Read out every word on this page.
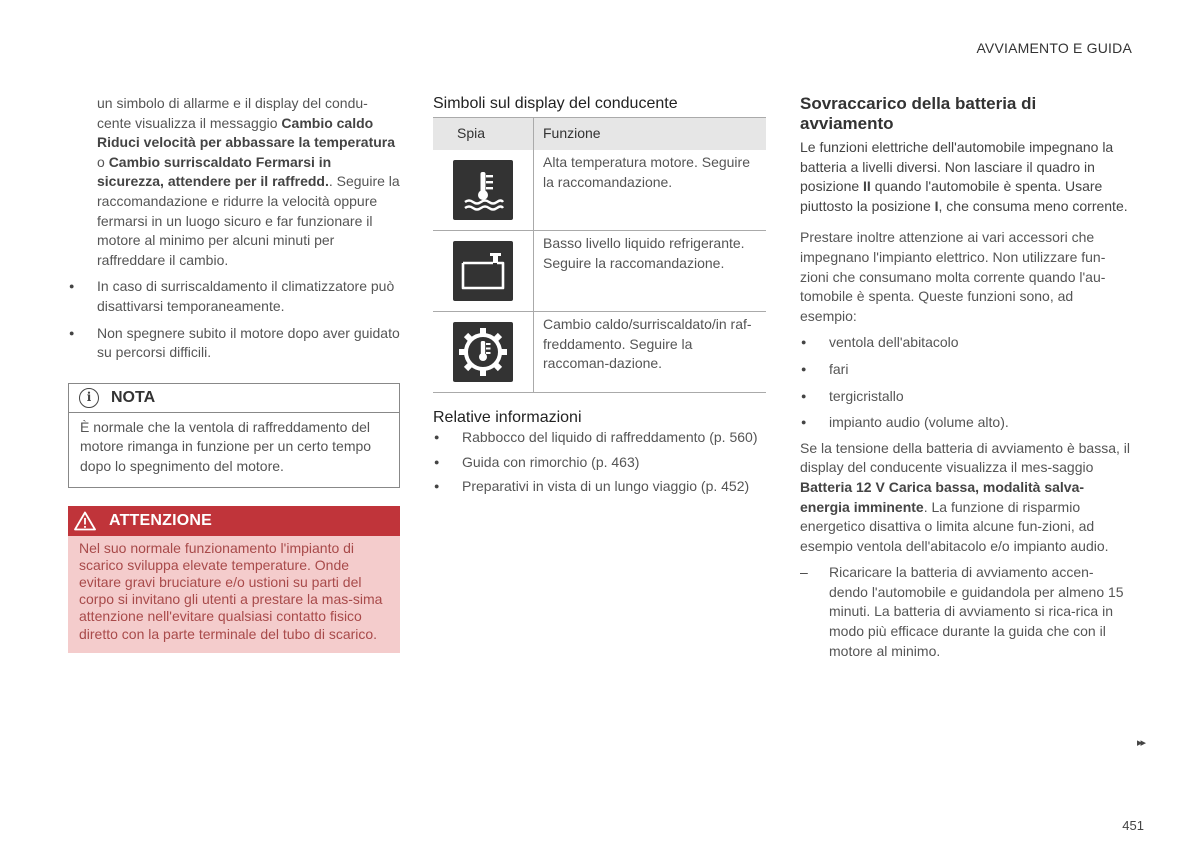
AVVIAMENTO E GUIDA

un simbolo di allarme e il display del condu-cente visualizza il messaggio Cambio caldo Riduci velocità per abbassare la temperatura o Cambio surriscaldato Fermarsi in sicurezza, attendere per il raffredd.. Seguire la raccomandazione e ridurre la velocità oppure fermarsi in un luogo sicuro e far funzionare il motore al minimo per alcuni minuti per raffreddare il cambio.

● In caso di surriscaldamento il climatizzatore può disattivarsi temporaneamente.
● Non spegnere subito il motore dopo aver guidato su percorsi difficili.
i	NOTA
È normale che la ventola di raffreddamento del motore rimanga in funzione per un certo tempo dopo lo spegnimento del motore.
ATTENZIONE
Nel suo normale funzionamento l'impianto di scarico sviluppa elevate temperature. Onde evitare gravi bruciature e/o ustioni su parti del corpo si invitano gli utenti a prestare la mas-sima attenzione nell'evitare qualsiasi contatto fisico diretto con la parte terminale del tubo di scarico.
Simboli sul display del conducente
Spia	Funzione
	Alta temperatura motore. Seguire la raccomandazione.
	Basso livello liquido refrigerante. Seguire la raccomandazione.
	Cambio caldo/surriscaldato/in raf-freddamento. Seguire la raccoman-dazione.
Relative informazioni
● Rabbocco del liquido di raffreddamento (p. 560)
● Guida con rimorchio (p. 463)
● Preparativi in vista di un lungo viaggio (p. 452)
Sovraccarico della batteria di avviamento

Le funzioni elettriche dell'automobile impegnano la batteria a livelli diversi. Non lasciare il quadro in posizione II quando l'automobile è spenta. Usare piuttosto la posizione I, che consuma meno corrente.

Prestare inoltre attenzione ai vari accessori che impegnano l'impianto elettrico. Non utilizzare fun-zioni che consumano molta corrente quando l'au-tomobile è spenta. Queste funzioni sono, ad esempio:

● ventola dell'abitacolo
● fari
● tergicristallo
● impianto audio (volume alto).

Se la tensione della batteria di avviamento è bassa, il display del conducente visualizza il mes-saggio Batteria 12 V Carica bassa, modalità salva-energia imminente. La funzione di risparmio energetico disattiva o limita alcune fun-zioni, ad esempio ventola dell'abitacolo e/o impianto audio.

– Ricaricare la batteria di avviamento accen-dendo l'automobile e guidandola per almeno 15 minuti. La batteria di avviamento si rica-rica in modo più efficace durante la guida che con il motore al minimo.
▸▸
451
